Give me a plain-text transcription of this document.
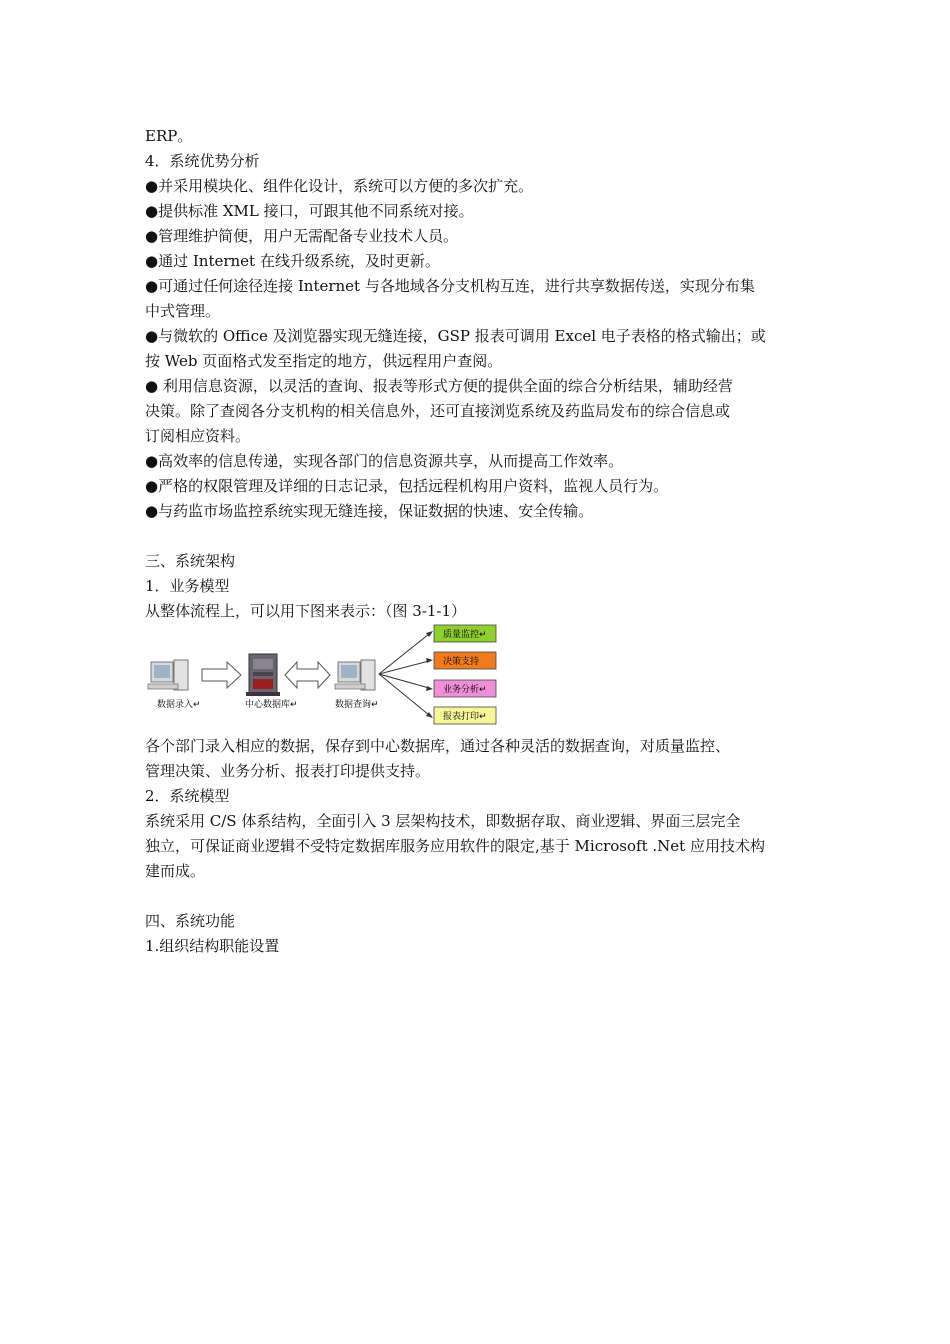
ERP。
4．系统优势分析
●并采用模块化、组件化设计，系统可以方便的多次扩充。
●提供标准 XML 接口，可跟其他不同系统对接。
●管理维护简便，用户无需配备专业技术人员。
●通过 Internet 在线升级系统，及时更新。
●可通过任何途径连接 Internet 与各地域各分支机构互连，进行共享数据传送，实现分布集
中式管理。
●与微软的 Office 及浏览器实现无缝连接，GSP 报表可调用 Excel 电子表格的格式输出；或
按 Web 页面格式发至指定的地方，供远程用户查阅。
● 利用信息资源，以灵活的查询、报表等形式方便的提供全面的综合分析结果，辅助经营
决策。除了查阅各分支机构的相关信息外，还可直接浏览系统及药监局发布的综合信息或
订阅相应资料。
●高效率的信息传递，实现各部门的信息资源共享，从而提高工作效率。
●严格的权限管理及详细的日志记录，包括远程机构用户资料，监视人员行为。
●与药监市场监控系统实现无缝连接，保证数据的快速、安全传输。
三、系统架构
1．业务模型
从整体流程上，可以用下图来表示：（图 3-1-1）
数据录入↵	中心数据库↵	数据查询↵
质量监控↵
决策支持
业务分析↵
报表打印↵
各个部门录入相应的数据，保存到中心数据库，通过各种灵活的数据查询，对质量监控、
管理决策、业务分析、报表打印提供支持。
2．系统模型
系统采用 C/S 体系结构，全面引入 3 层架构技术，即数据存取、商业逻辑、界面三层完全
独立，可保证商业逻辑不受特定数据库服务应用软件的限定,基于 Microsoft .Net 应用技术构
建而成。
四、系统功能
1.组织结构职能设置
